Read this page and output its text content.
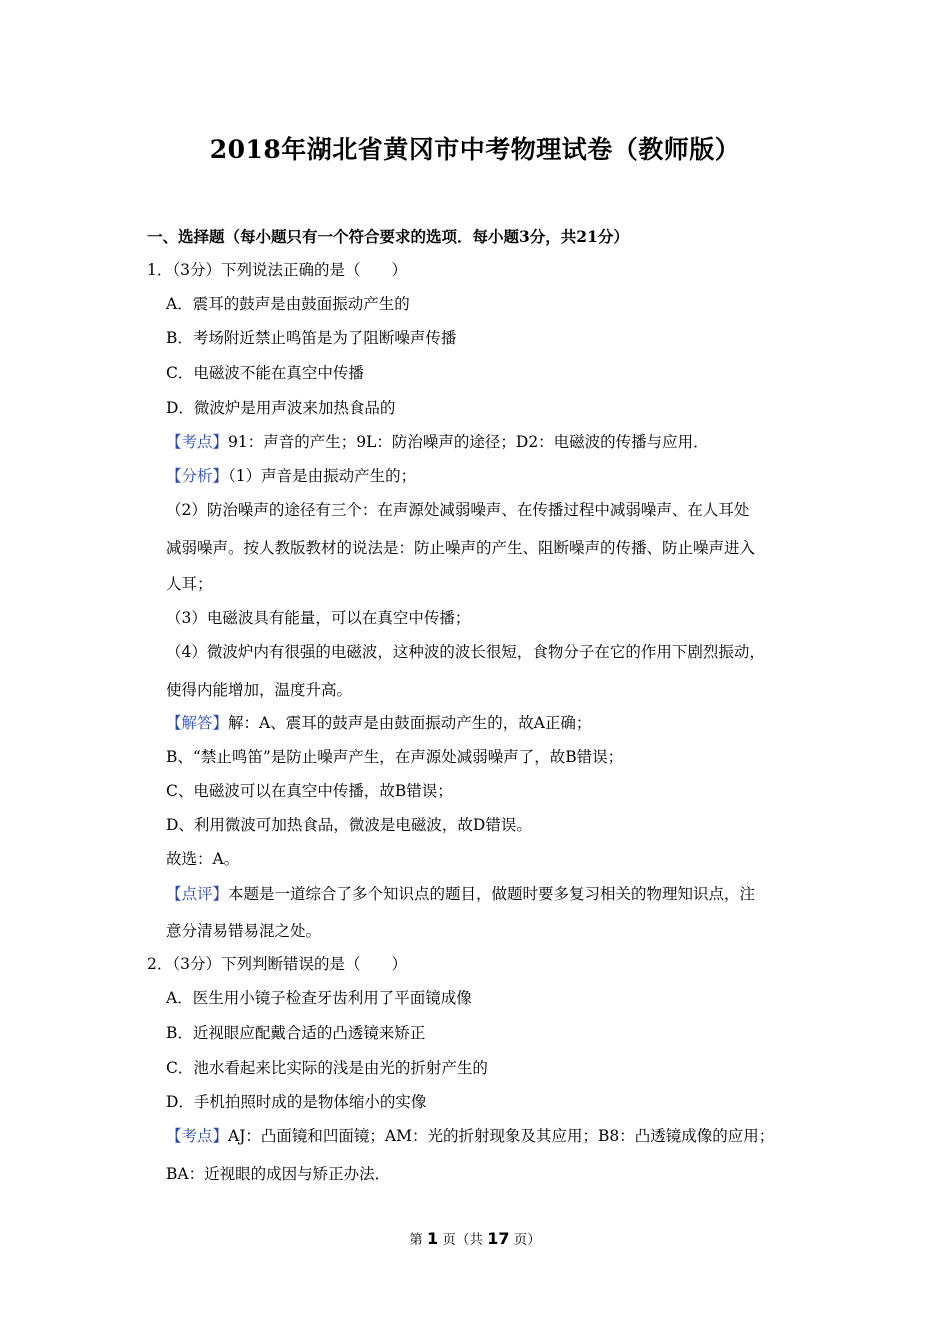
2018年湖北省黄冈市中考物理试卷（教师版）
一、选择题（每小题只有一个符合要求的选项．每小题3分，共21分）
1．（3分）下列说法正确的是（　　）
A．震耳的鼓声是由鼓面振动产生的
B．考场附近禁止鸣笛是为了阻断噪声传播
C．电磁波不能在真空中传播
D．微波炉是用声波来加热食品的
【考点】91：声音的产生；9L：防治噪声的途径；D2：电磁波的传播与应用．
【分析】（1）声音是由振动产生的；
（2）防治噪声的途径有三个：在声源处减弱噪声、在传播过程中减弱噪声、在人耳处
减弱噪声。按人教版教材的说法是：防止噪声的产生、阻断噪声的传播、防止噪声进入
人耳；
（3）电磁波具有能量，可以在真空中传播；
（4）微波炉内有很强的电磁波，这种波的波长很短，食物分子在它的作用下剧烈振动，
使得内能增加，温度升高。
【解答】解：A、震耳的鼓声是由鼓面振动产生的，故A正确；
B、“禁止鸣笛”是防止噪声产生，在声源处减弱噪声了，故B错误；
C、电磁波可以在真空中传播，故B错误；
D、利用微波可加热食品，微波是电磁波，故D错误。
故选：A。
【点评】本题是一道综合了多个知识点的题目，做题时要多复习相关的物理知识点，注
意分清易错易混之处。
2．（3分）下列判断错误的是（　　）
A．医生用小镜子检查牙齿利用了平面镜成像
B．近视眼应配戴合适的凸透镜来矫正
C．池水看起来比实际的浅是由光的折射产生的
D．手机拍照时成的是物体缩小的实像
【考点】AJ：凸面镜和凹面镜；AM：光的折射现象及其应用；B8：凸透镜成像的应用；
BA：近视眼的成因与矫正办法．
第 1 页（共 17 页）
